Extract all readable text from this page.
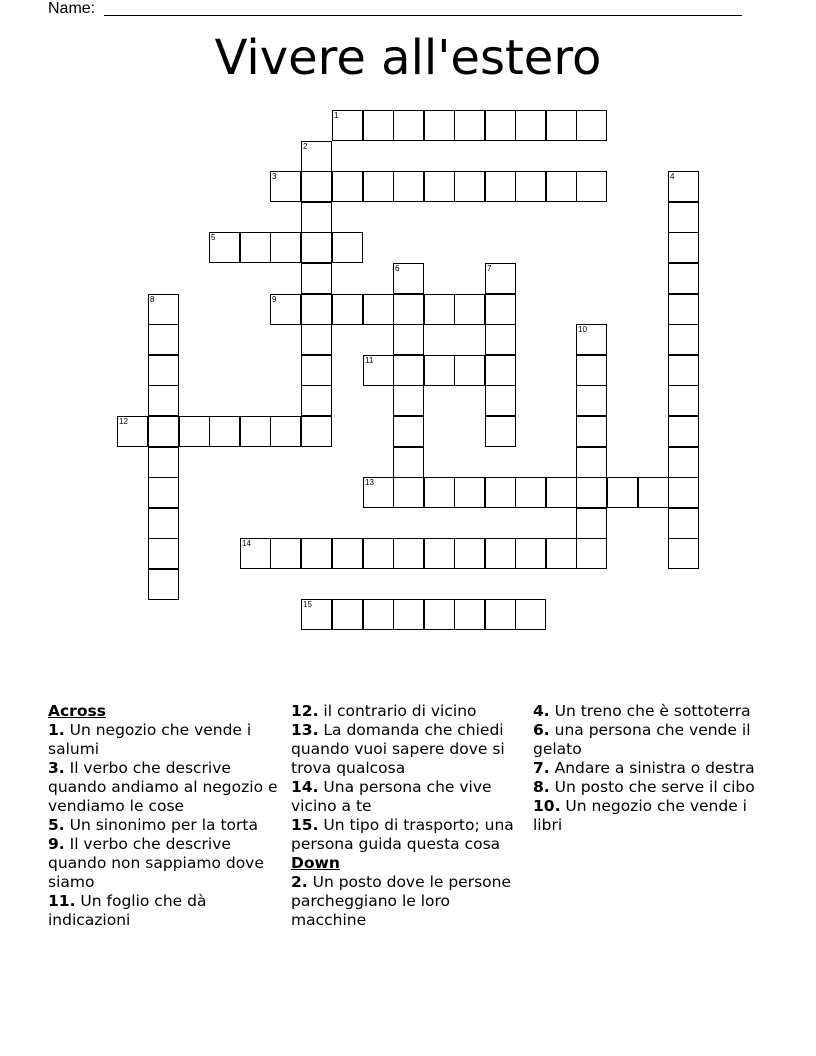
Name:
Vivere all'estero
1
2
3	4
5
6	7
8	9
10
11
12
13
14
15
Across
1. Un negozio che vende i salumi
3. Il verbo che descrive quando andiamo al negozio e vendiamo le cose
5. Un sinonimo per la torta
9. Il verbo che descrive quando non sappiamo dove siamo
11. Un foglio che dà indicazioni
12. il contrario di vicino
13. La domanda che chiedi quando vuoi sapere dove si trova qualcosa
14. Una persona che vive vicino a te
15. Un tipo di trasporto; una persona guida questa cosa
Down
2. Un posto dove le persone parcheggiano le loro macchine
4. Un treno che è sottoterra
6. una persona che vende il gelato
7. Andare a sinistra o destra
8. Un posto che serve il cibo
10. Un negozio che vende i libri
